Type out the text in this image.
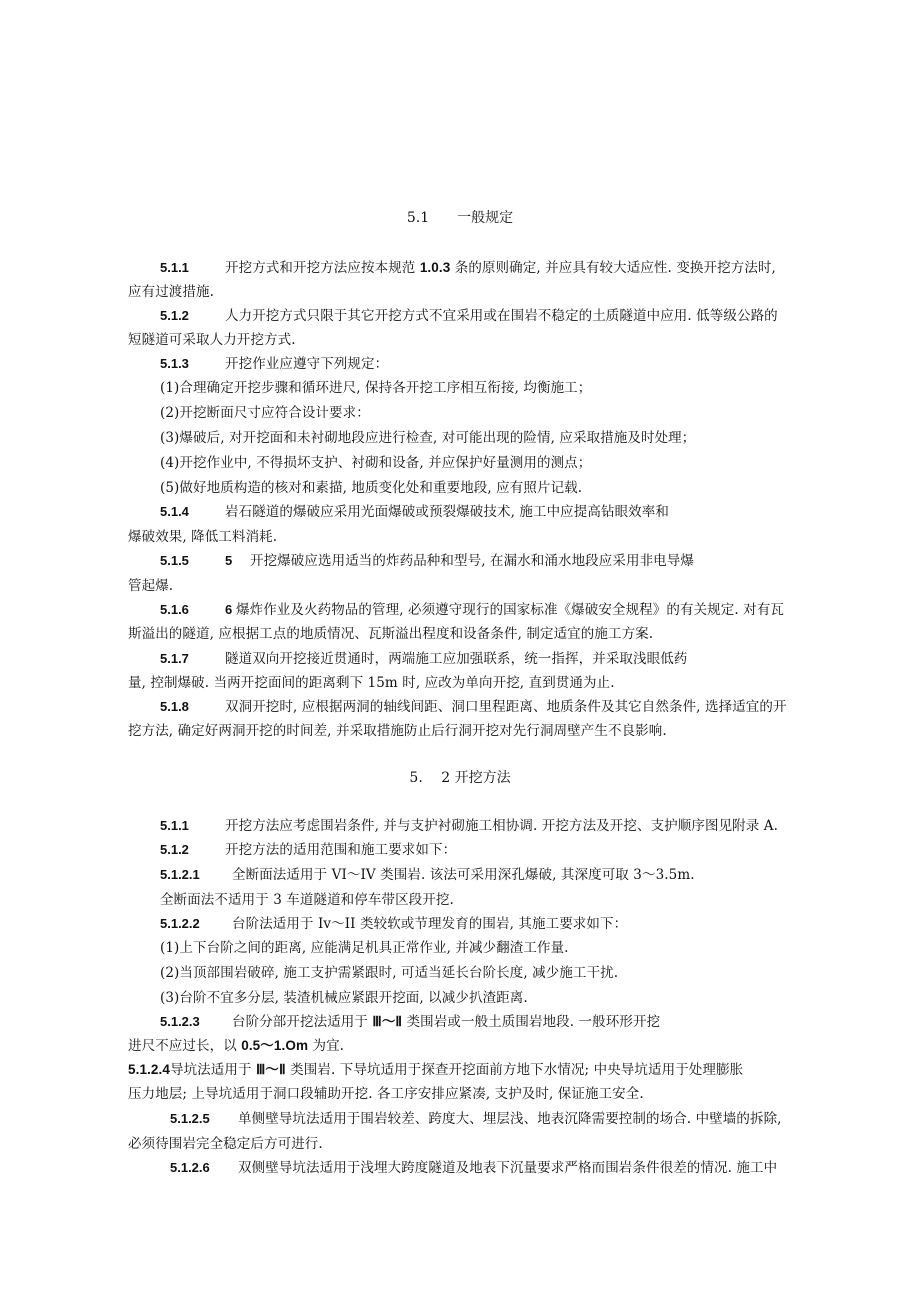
5.1　　一般规定
5.1.1	开挖方式和开挖方法应按本规范 1.0.3 条的原则确定, 并应具有较大适应性. 变换开挖方法时,
应有过渡措施.
5.1.2	人力开挖方式只限于其它开挖方式不宜采用或在围岩不稳定的土质隧道中应用. 低等级公路的
短隧道可采取人力开挖方式.
5.1.3	开挖作业应遵守下列规定：
(1)合理确定开挖步骤和循环进尺, 保持各开挖工序相互衔接, 均衡施工；
(2)开挖断面尺寸应符合设计要求：
(3)爆破后, 对开挖面和未衬砌地段应进行检查, 对可能出现的险情, 应采取措施及时处理；
(4)开挖作业中, 不得损坏支护、衬砌和设备, 并应保护好量测用的测点；
(5)做好地质构造的核对和素描, 地质变化处和重要地段, 应有照片记载.
5.1.4	岩石隧道的爆破应采用光面爆破或预裂爆破技术, 施工中应提高钻眼效率和
爆破效果, 降低工料消耗.
5.1.5	5 开挖爆破应选用适当的炸药品种和型号, 在漏水和涌水地段应采用非电导爆
管起爆.
5.1.6	6 爆炸作业及火药物品的管理, 必须遵守现行的国家标准《爆破安全规程》的有关规定. 对有瓦
斯溢出的隧道, 应根据工点的地质情况、瓦斯溢出程度和设备条件, 制定适宜的施工方案.
5.1.7	隧道双向开挖接近贯通时，两端施工应加强联系，统一指挥，并采取浅眼低药
量, 控制爆破. 当两开挖面间的距离剩下 15m 时, 应改为单向开挖, 直到贯通为止.
5.1.8	双洞开挖时, 应根据两洞的轴线间距、洞口里程距离、地质条件及其它自然条件, 选择适宜的开
挖方法, 确定好两洞开挖的时间差, 并采取措施防止后行洞开挖对先行洞周壁产生不良影响.
5.　 2 开挖方法
5.1.1	开挖方法应考虑围岩条件, 并与支护衬砌施工相协调. 开挖方法及开挖、支护顺序图见附录 A.
5.1.2	开挖方法的适用范围和施工要求如下：
5.1.2.1 全断面法适用于 VI～IV 类围岩. 该法可采用深孔爆破, 其深度可取 3～3.5m.
全断面法不适用于 3 车道隧道和停车带区段开挖.
5.1.2.2 台阶法适用于 Iv～II 类较软或节理发育的围岩, 其施工要求如下：
(1)上下台阶之间的距离, 应能满足机具正常作业, 并减少翻渣工作量.
(2)当顶部围岩破碎, 施工支护需紧跟时, 可适当延长台阶长度, 减少施工干扰.
(3)台阶不宜多分层, 装渣机械应紧跟开挖面, 以减少扒渣距离.
5.1.2.3 台阶分部开挖法适用于 Ⅲ～Ⅱ 类围岩或一般土质围岩地段. 一般环形开挖
进尺不应过长，以 0.5～1.Om 为宜.
5.1.2.4导坑法适用于 Ⅲ～Ⅱ 类围岩. 下导坑适用于探查开挖面前方地下水情况; 中央导坑适用于处理膨胀
压力地层; 上导坑适用于洞口段辅助开挖. 各工序安排应紧凑, 支护及时, 保证施工安全.
5.1.2.5 单侧壁导坑法适用于围岩较差、跨度大、埋层浅、地表沉降需要控制的场合. 中壁墙的拆除,
必须待围岩完全稳定后方可进行.
5.1.2.6 双侧壁导坑法适用于浅埋大跨度隧道及地表下沉量要求严格而围岩条件很差的情况. 施工中
